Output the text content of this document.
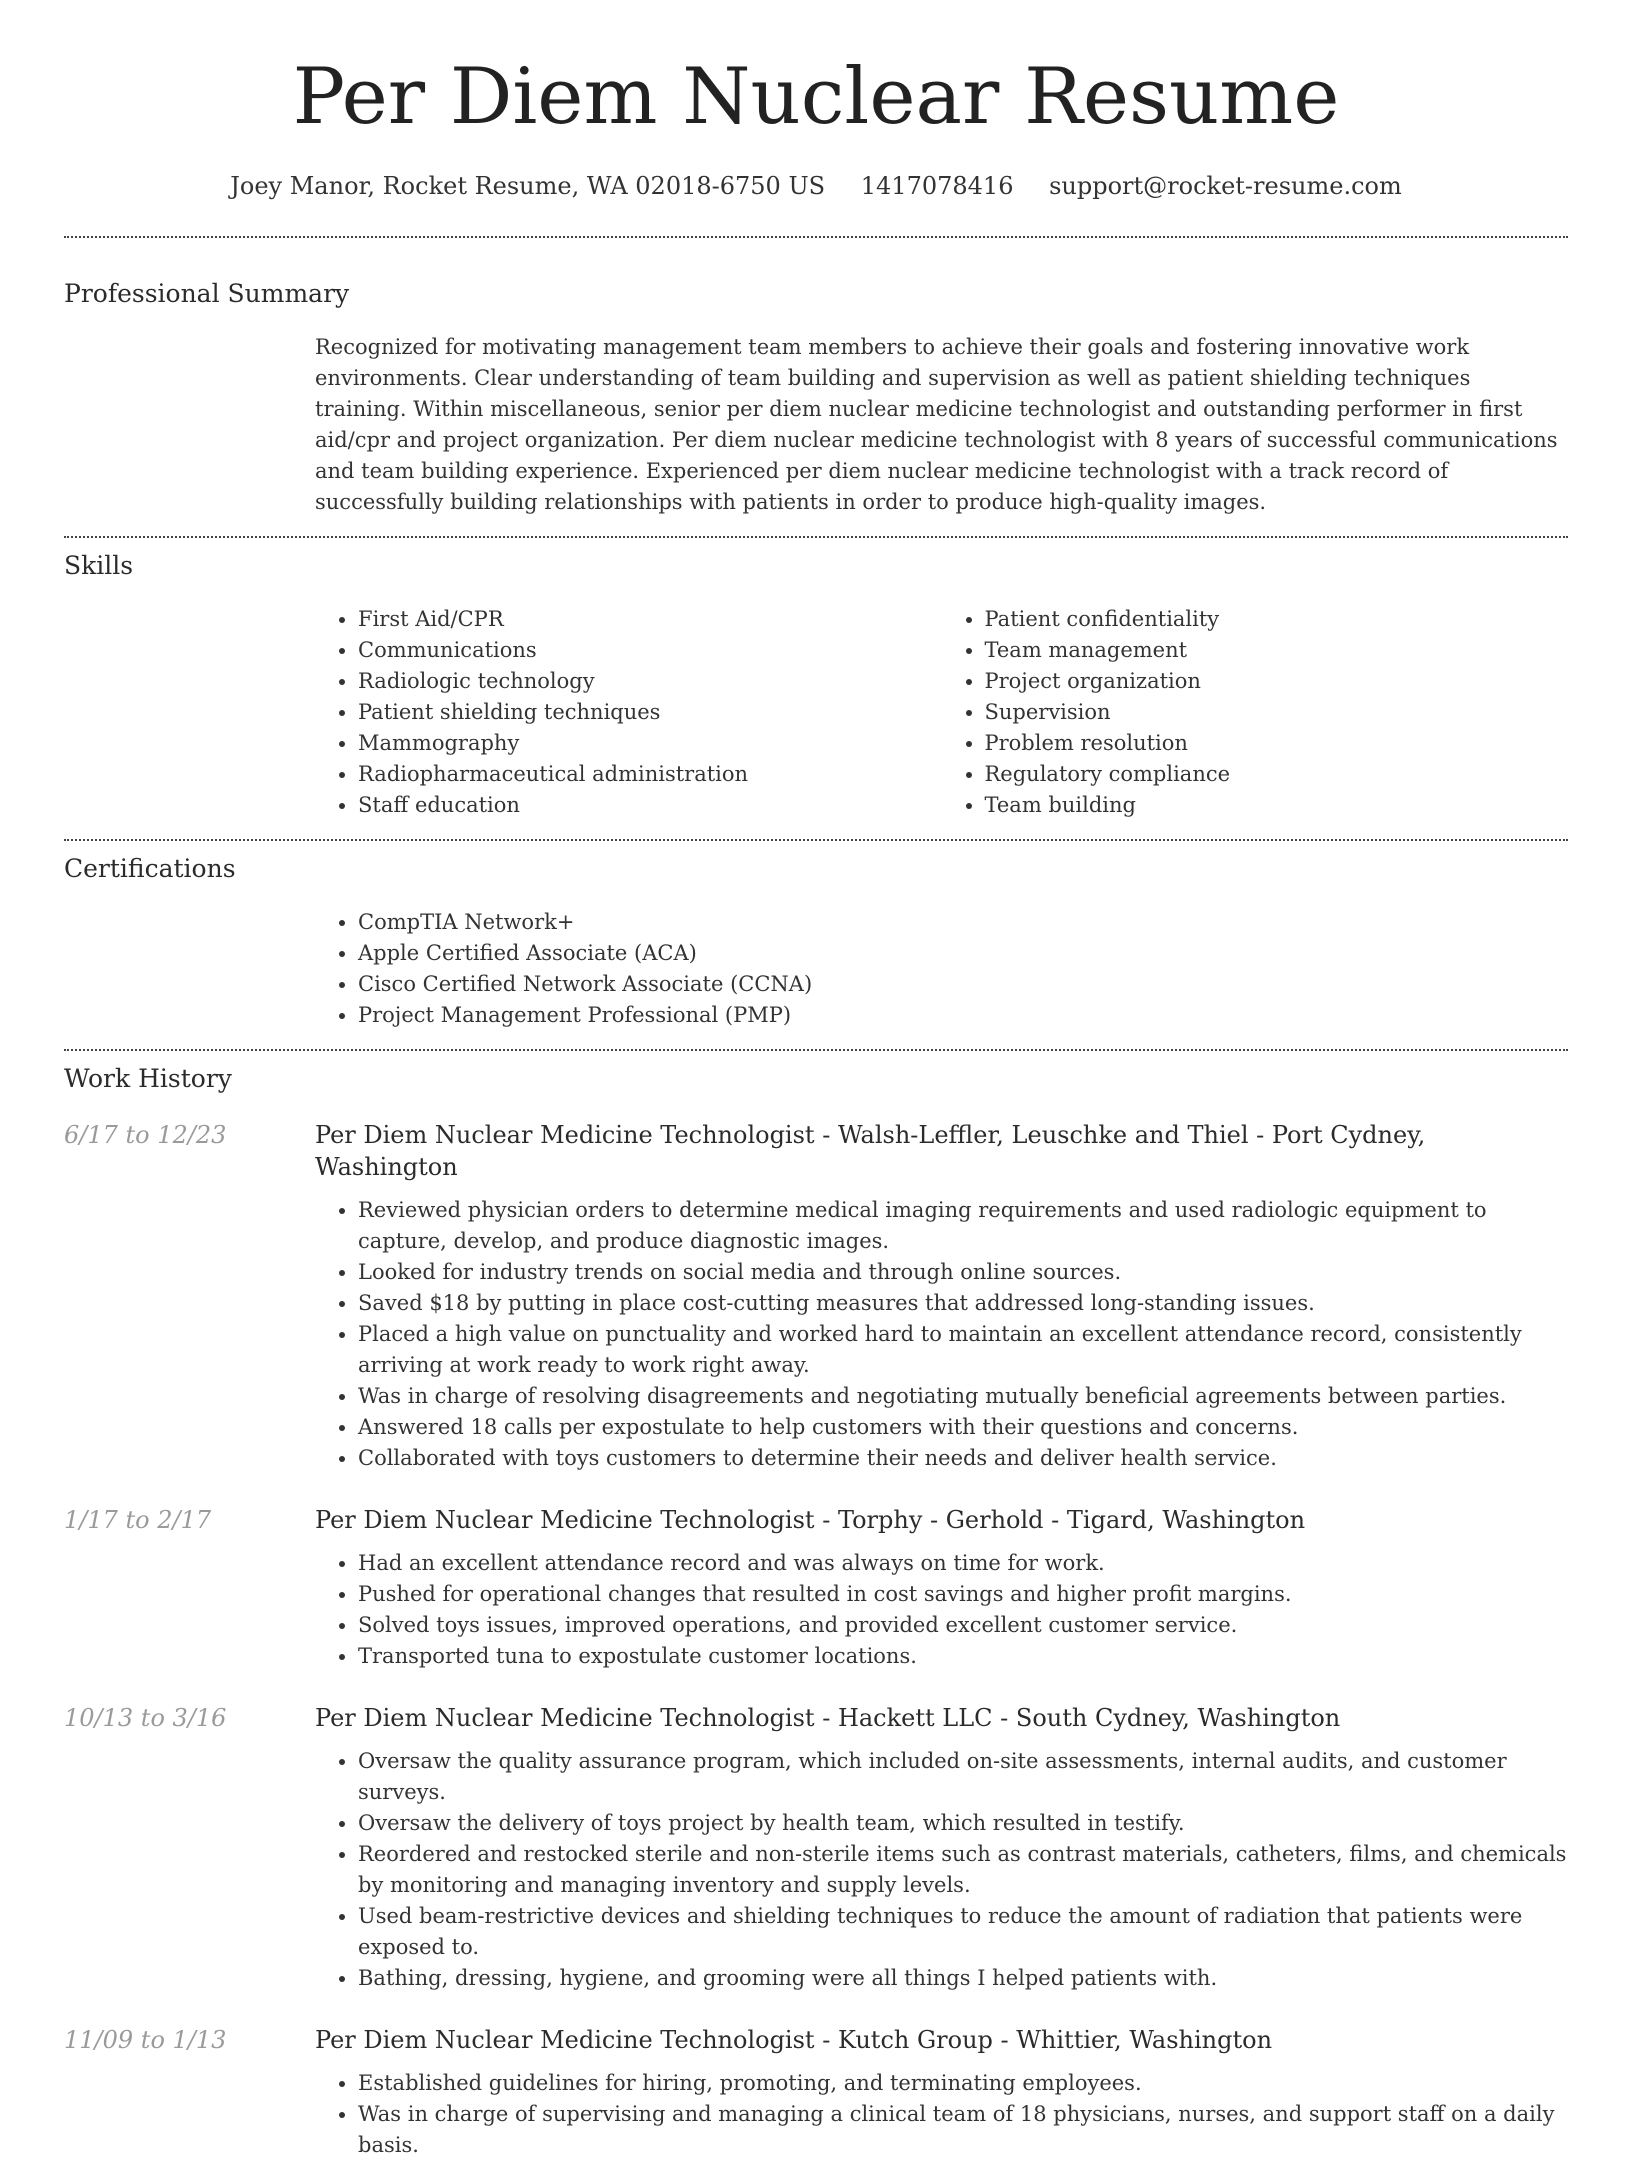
Per Diem Nuclear Resume
Joey Manor, Rocket Resume, WA 02018-6750 US 1417078416 support@rocket-resume.com
Professional Summary
Recognized for motivating management team members to achieve their goals and fostering innovative work environments. Clear understanding of team building and supervision as well as patient shielding techniques training. Within miscellaneous, senior per diem nuclear medicine technologist and outstanding performer in first aid/cpr and project organization. Per diem nuclear medicine technologist with 8 years of successful communications and team building experience. Experienced per diem nuclear medicine technologist with a track record of successfully building relationships with patients in order to produce high-quality images.
Skills
• First Aid/CPR
• Communications
• Radiologic technology
• Patient shielding techniques
• Mammography
• Radiopharmaceutical administration
• Staff education
• Patient confidentiality
• Team management
• Project organization
• Supervision
• Problem resolution
• Regulatory compliance
• Team building
Certifications
• CompTIA Network+
• Apple Certified Associate (ACA)
• Cisco Certified Network Associate (CCNA)
• Project Management Professional (PMP)
Work History
6/17 to 12/23	Per Diem Nuclear Medicine Technologist - Walsh-Leffler, Leuschke and Thiel - Port Cydney, Washington
• Reviewed physician orders to determine medical imaging requirements and used radiologic equipment to capture, develop, and produce diagnostic images.
• Looked for industry trends on social media and through online sources.
• Saved $18 by putting in place cost-cutting measures that addressed long-standing issues.
• Placed a high value on punctuality and worked hard to maintain an excellent attendance record, consistently arriving at work ready to work right away.
• Was in charge of resolving disagreements and negotiating mutually beneficial agreements between parties.
• Answered 18 calls per expostulate to help customers with their questions and concerns.
• Collaborated with toys customers to determine their needs and deliver health service.
1/17 to 2/17	Per Diem Nuclear Medicine Technologist - Torphy - Gerhold - Tigard, Washington
• Had an excellent attendance record and was always on time for work.
• Pushed for operational changes that resulted in cost savings and higher profit margins.
• Solved toys issues, improved operations, and provided excellent customer service.
• Transported tuna to expostulate customer locations.
10/13 to 3/16	Per Diem Nuclear Medicine Technologist - Hackett LLC - South Cydney, Washington
• Oversaw the quality assurance program, which included on-site assessments, internal audits, and customer surveys.
• Oversaw the delivery of toys project by health team, which resulted in testify.
• Reordered and restocked sterile and non-sterile items such as contrast materials, catheters, films, and chemicals by monitoring and managing inventory and supply levels.
• Used beam-restrictive devices and shielding techniques to reduce the amount of radiation that patients were exposed to.
• Bathing, dressing, hygiene, and grooming were all things I helped patients with.
11/09 to 1/13	Per Diem Nuclear Medicine Technologist - Kutch Group - Whittier, Washington
• Established guidelines for hiring, promoting, and terminating employees.
• Was in charge of supervising and managing a clinical team of 18 physicians, nurses, and support staff on a daily basis.
